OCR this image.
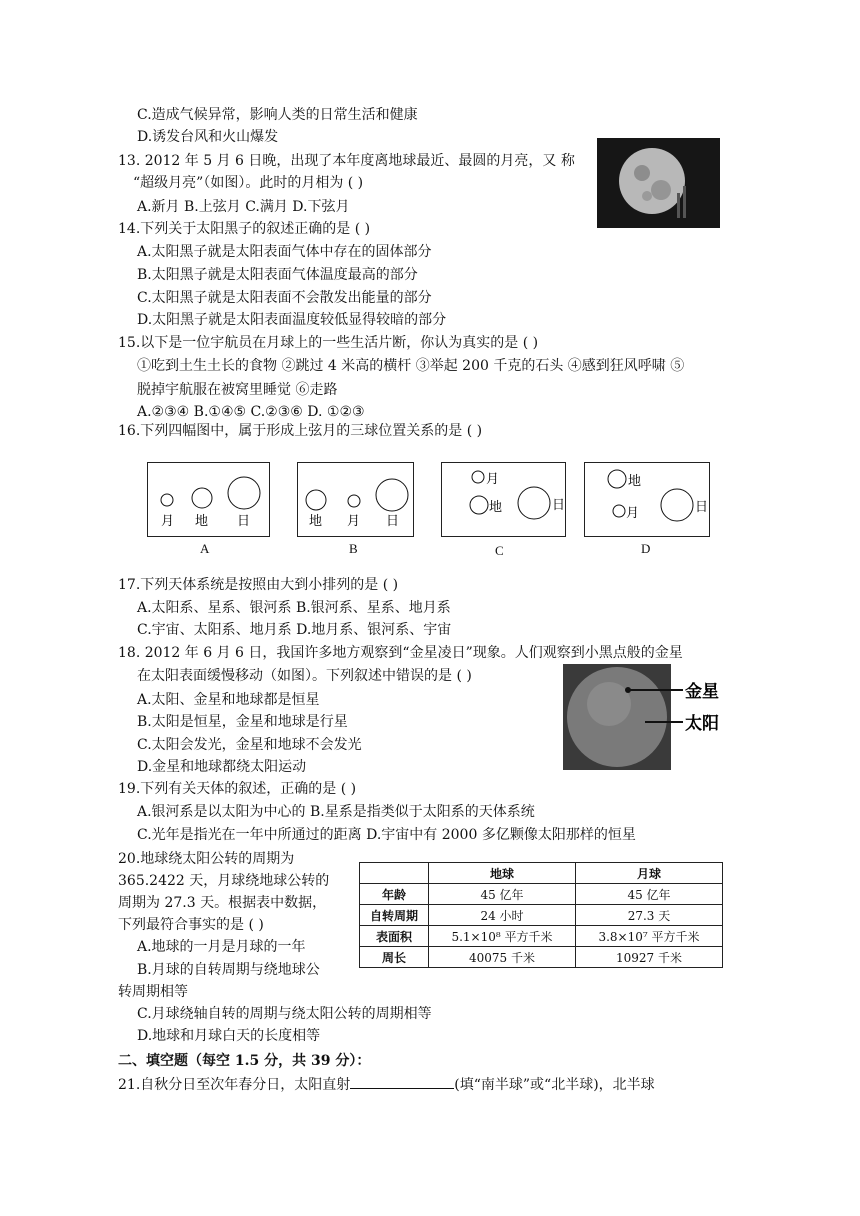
C.造成气候异常，影响人类的日常生活和健康
D.诱发台风和火山爆发
13. 2012 年 5 月 6 日晚，出现了本年度离地球最近、最圆的月亮，又 称
“超级月亮”（如图）。此时的月相为 ( )
A.新月 B.上弦月 C.满月 D.下弦月
14.下列关于太阳黑子的叙述正确的是 ( )
A.太阳黑子就是太阳表面气体中存在的固体部分
B.太阳黑子就是太阳表面气体温度最高的部分
C.太阳黑子就是太阳表面不会散发出能量的部分
D.太阳黑子就是太阳表面温度较低显得较暗的部分
15.以下是一位宇航员在月球上的一些生活片断，你认为真实的是 ( )
①吃到土生土长的食物 ②跳过 4 米高的横杆 ③举起 200 千克的石头 ④感到狂风呼啸 ⑤
脱掉宇航服在被窝里睡觉 ⑥走路
A.②③④ B.①④⑤ C.②③⑥ D. ①②③
16.下列四幅图中，属于形成上弦月的三球位置关系的是 ( )
月 地 日	地 月 日
月
地	日
地
月	日
A	B	C	D
17.下列天体系统是按照由大到小排列的是 ( )
A.太阳系、星系、银河系 B.银河系、星系、地月系
C.宇宙、太阳系、地月系 D.地月系、银河系、宇宙
18. 2012 年 6 月 6 日，我国许多地方观察到“金星凌日”现象。人们观察到小黑点般的金星
在太阳表面缓慢移动（如图）。下列叙述中错误的是 ( )
金星
太阳
A.太阳、金星和地球都是恒星
B.太阳是恒星，金星和地球是行星
C.太阳会发光，金星和地球不会发光
D.金星和地球都绕太阳运动
19.下列有关天体的叙述，正确的是 ( )
A.银河系是以太阳为中心的 B.星系是指类似于太阳系的天体系统
C.光年是指光在一年中所通过的距离 D.宇宙中有 2000 多亿颗像太阳那样的恒星
20.地球绕太阳公转的周期为
365.2422 天，月球绕地球公转的
周期为 27.3 天。根据表中数据，
下列最符合事实的是 ( )
A.地球的一月是月球的一年
B.月球的自转周期与绕地球公
转周期相等
C.月球绕轴自转的周期与绕太阳公转的周期相等
D.地球和月球白天的长度相等
	地球	月球
年龄	45 亿年	45 亿年
自转周期	24 小时	27.3 天
表面积	5.1×10⁸ 平方千米	3.8×10⁷ 平方千米
周长	40075 千米	10927 千米
二、填空题（每空 1.5 分，共 39 分）：
21.自秋分日至次年春分日，太阳直射	(填“南半球”或“北半球)，北半球
